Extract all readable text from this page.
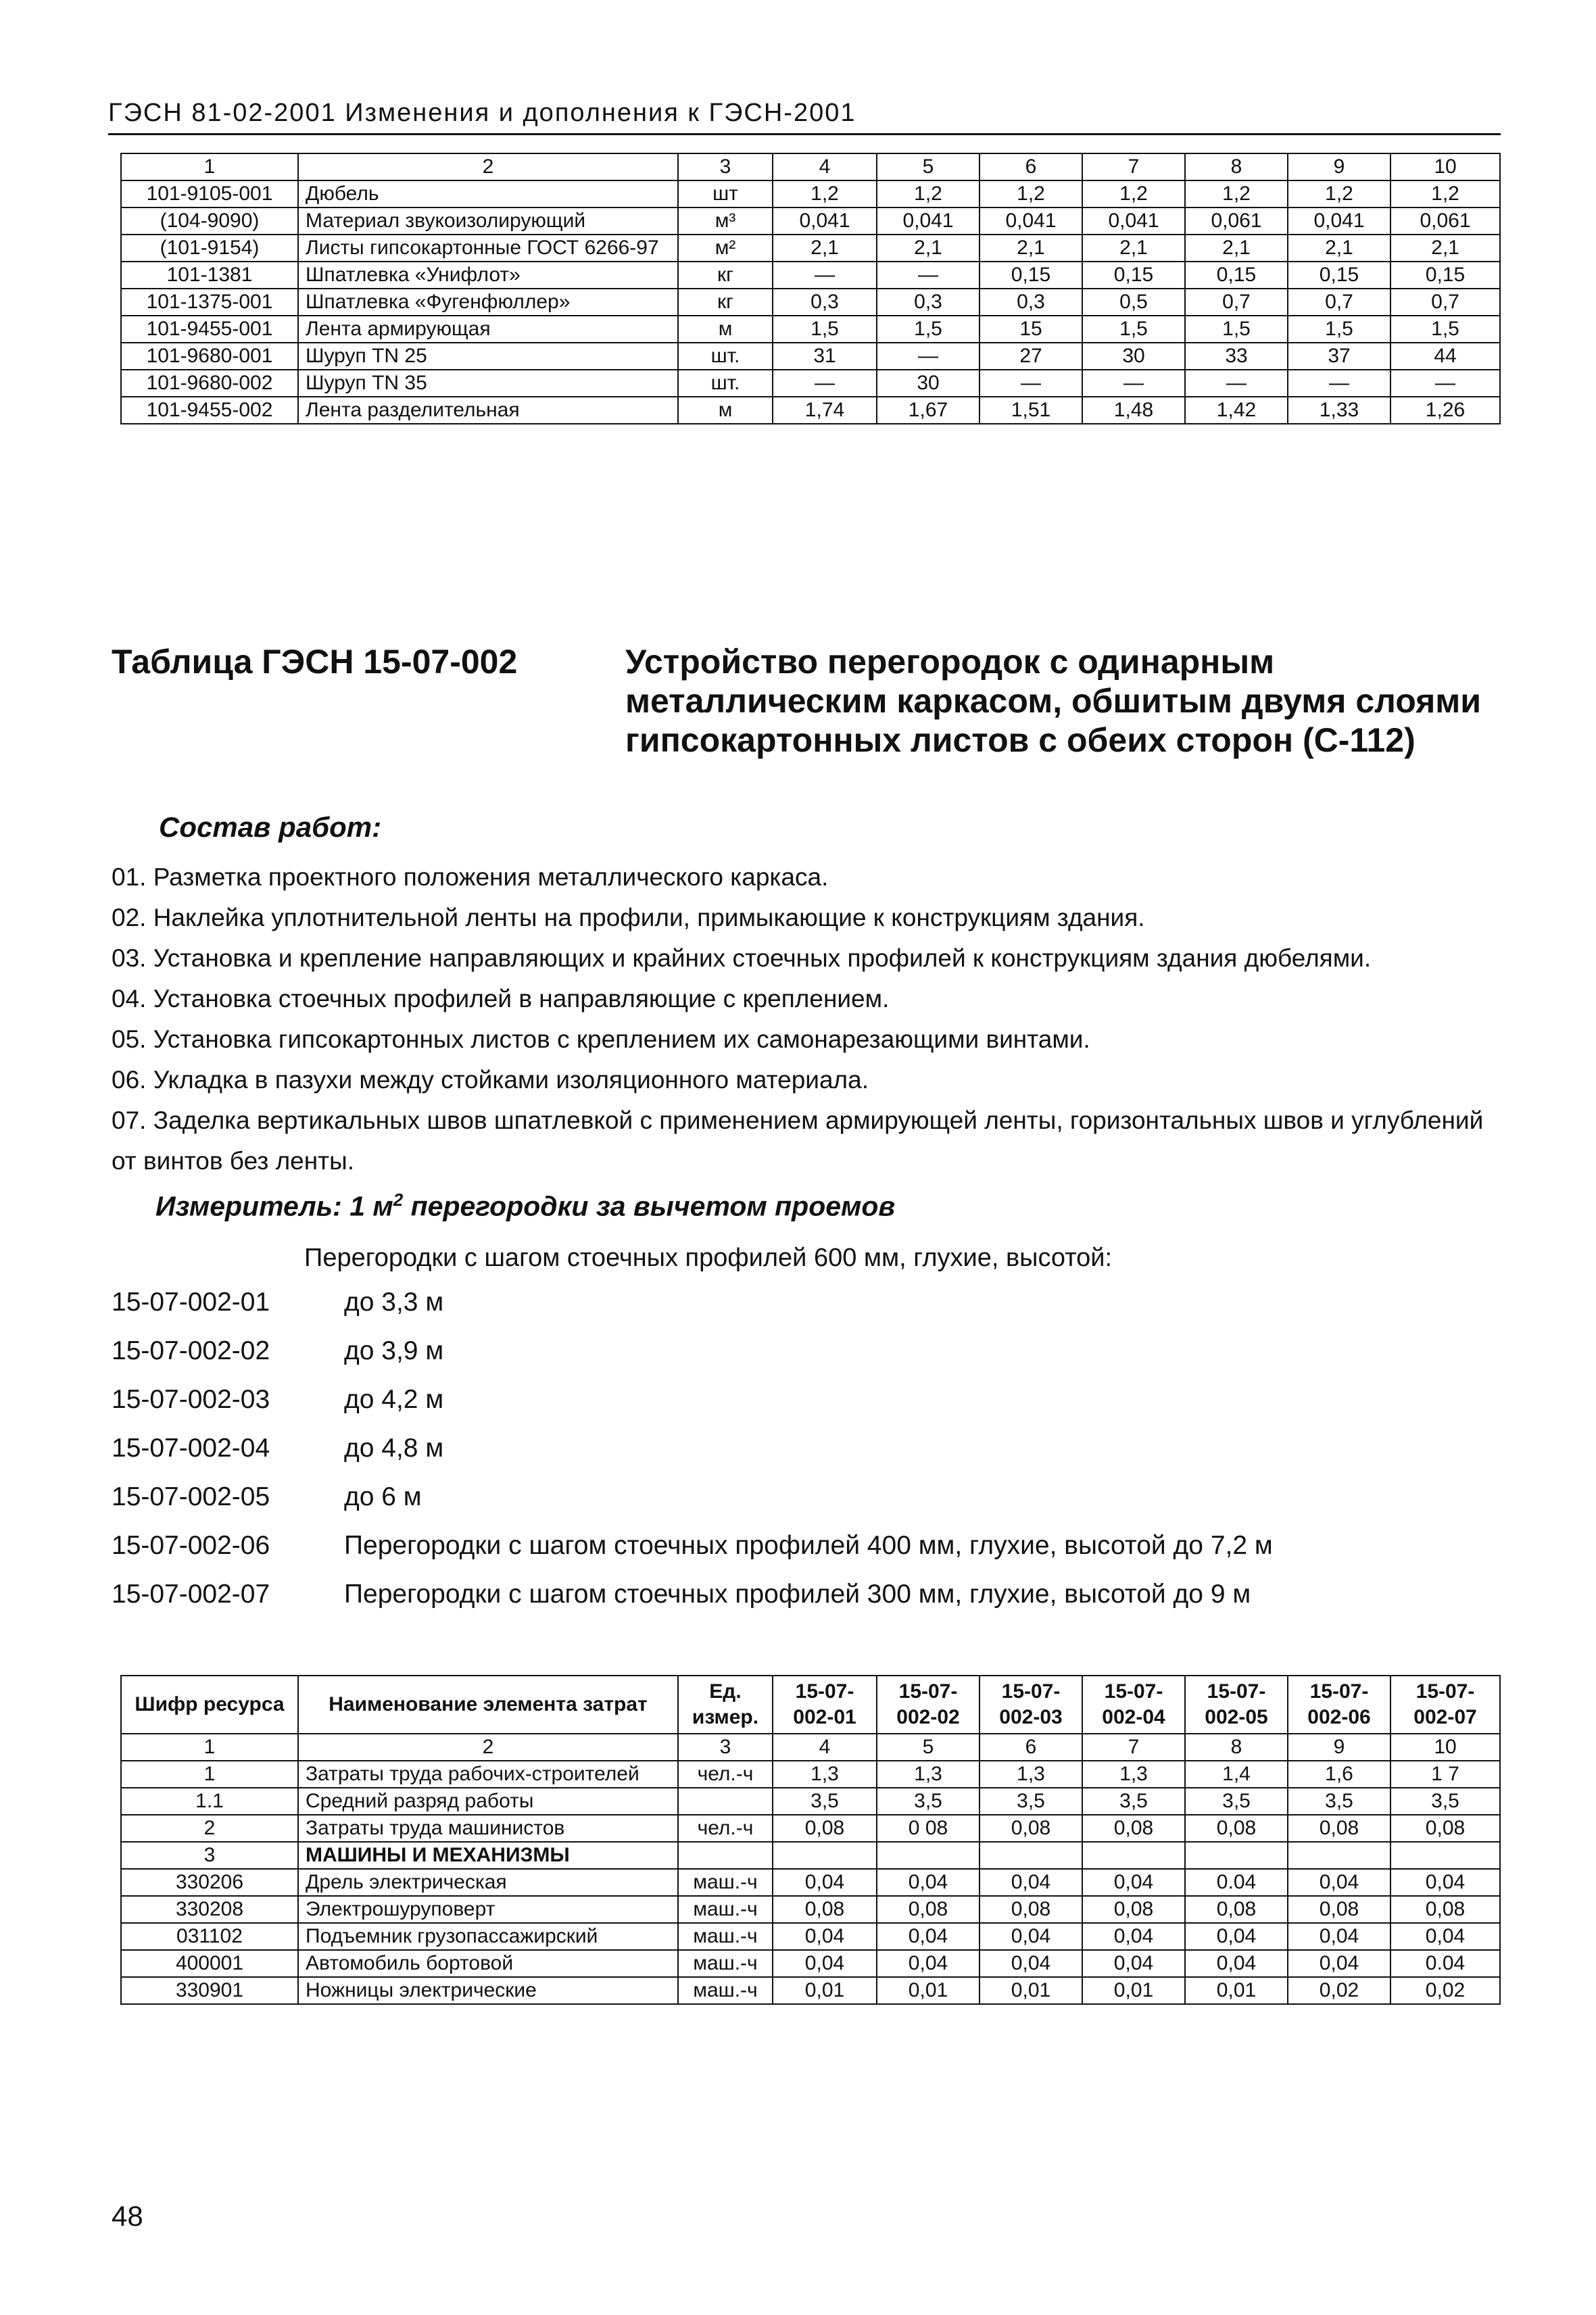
ГЭСН 81-02-2001 Изменения и дополнения к ГЭСН-2001
1	2	3	4	5	6	7	8	9	10
101-9105-001	Дюбель	шт	1,2	1,2	1,2	1,2	1,2	1,2	1,2
(104-9090)	Материал звукоизолирующий	м³	0,041	0,041	0,041	0,041	0,061	0,041	0,061
(101-9154)	Листы гипсокартонные ГОСТ 6266-97	м²	2,1	2,1	2,1	2,1	2,1	2,1	2,1
101-1381	Шпатлевка «Унифлот»	кг	—	—	0,15	0,15	0,15	0,15	0,15
101-1375-001	Шпатлевка «Фугенфюллер»	кг	0,3	0,3	0,3	0,5	0,7	0,7	0,7
101-9455-001	Лента армирующая	м	1,5	1,5	15	1,5	1,5	1,5	1,5
101-9680-001	Шуруп TN 25	шт.	31	—	27	30	33	37	44
101-9680-002	Шуруп TN 35	шт.	—	30	—	—	—	—	—
101-9455-002	Лента разделительная	м	1,74	1,67	1,51	1,48	1,42	1,33	1,26
Таблица ГЭСН 15-07-002	Устройство перегородок с одинарным металлическим каркасом, обшитым двумя слоями гипсокартонных листов с обеих сторон (С-112)
Состав работ:
01. Разметка проектного положения металлического каркаса.
02. Наклейка уплотнительной ленты на профили, примыкающие к конструкциям здания.
03. Установка и крепление направляющих и крайних стоечных профилей к конструкциям здания дюбелями.
04. Установка стоечных профилей в направляющие с креплением.
05. Установка гипсокартонных листов с креплением их самонарезающими винтами.
06. Укладка в пазухи между стойками изоляционного материала.
07. Заделка вертикальных швов шпатлевкой с применением армирующей ленты, горизонтальных швов и углублений от винтов без ленты.
Измеритель: 1 $м^2$ перегородки за вычетом проемов
Перегородки с шагом стоечных профилей 600 мм, глухие, высотой:
15-07-002-01	до 3,3 м
15-07-002-02	до 3,9 м
15-07-002-03	до 4,2 м
15-07-002-04	до 4,8 м
15-07-002-05	до 6 м
15-07-002-06	Перегородки с шагом стоечных профилей 400 мм, глухие, высотой до 7,2 м
15-07-002-07	Перегородки с шагом стоечных профилей 300 мм, глухие, высотой до 9 м
Шифр ресурса	Наименование элемента затрат	Ед. измер.	15-07-002-01	15-07-002-02	15-07-002-03	15-07-002-04	15-07-002-05	15-07-002-06	15-07-002-07
1	2	3	4	5	6	7	8	9	10
1	Затраты труда рабочих-строителей	чел.-ч	1,3	1,3	1,3	1,3	1,4	1,6	1 7
1.1	Средний разряд работы		3,5	3,5	3,5	3,5	3,5	3,5	3,5
2	Затраты труда машинистов	чел.-ч	0,08	0 08	0,08	0,08	0,08	0,08	0,08
3	МАШИНЫ И МЕХАНИЗМЫ								
330206	Дрель электрическая	маш.-ч	0,04	0,04	0,04	0,04	0.04	0,04	0,04
330208	Электрошуруповерт	маш.-ч	0,08	0,08	0,08	0,08	0,08	0,08	0,08
031102	Подъемник грузопассажирский	маш.-ч	0,04	0,04	0,04	0,04	0,04	0,04	0,04
400001	Автомобиль бортовой	маш.-ч	0,04	0,04	0,04	0,04	0,04	0,04	0.04
330901	Ножницы электрические	маш.-ч	0,01	0,01	0,01	0,01	0,01	0,02	0,02
48
